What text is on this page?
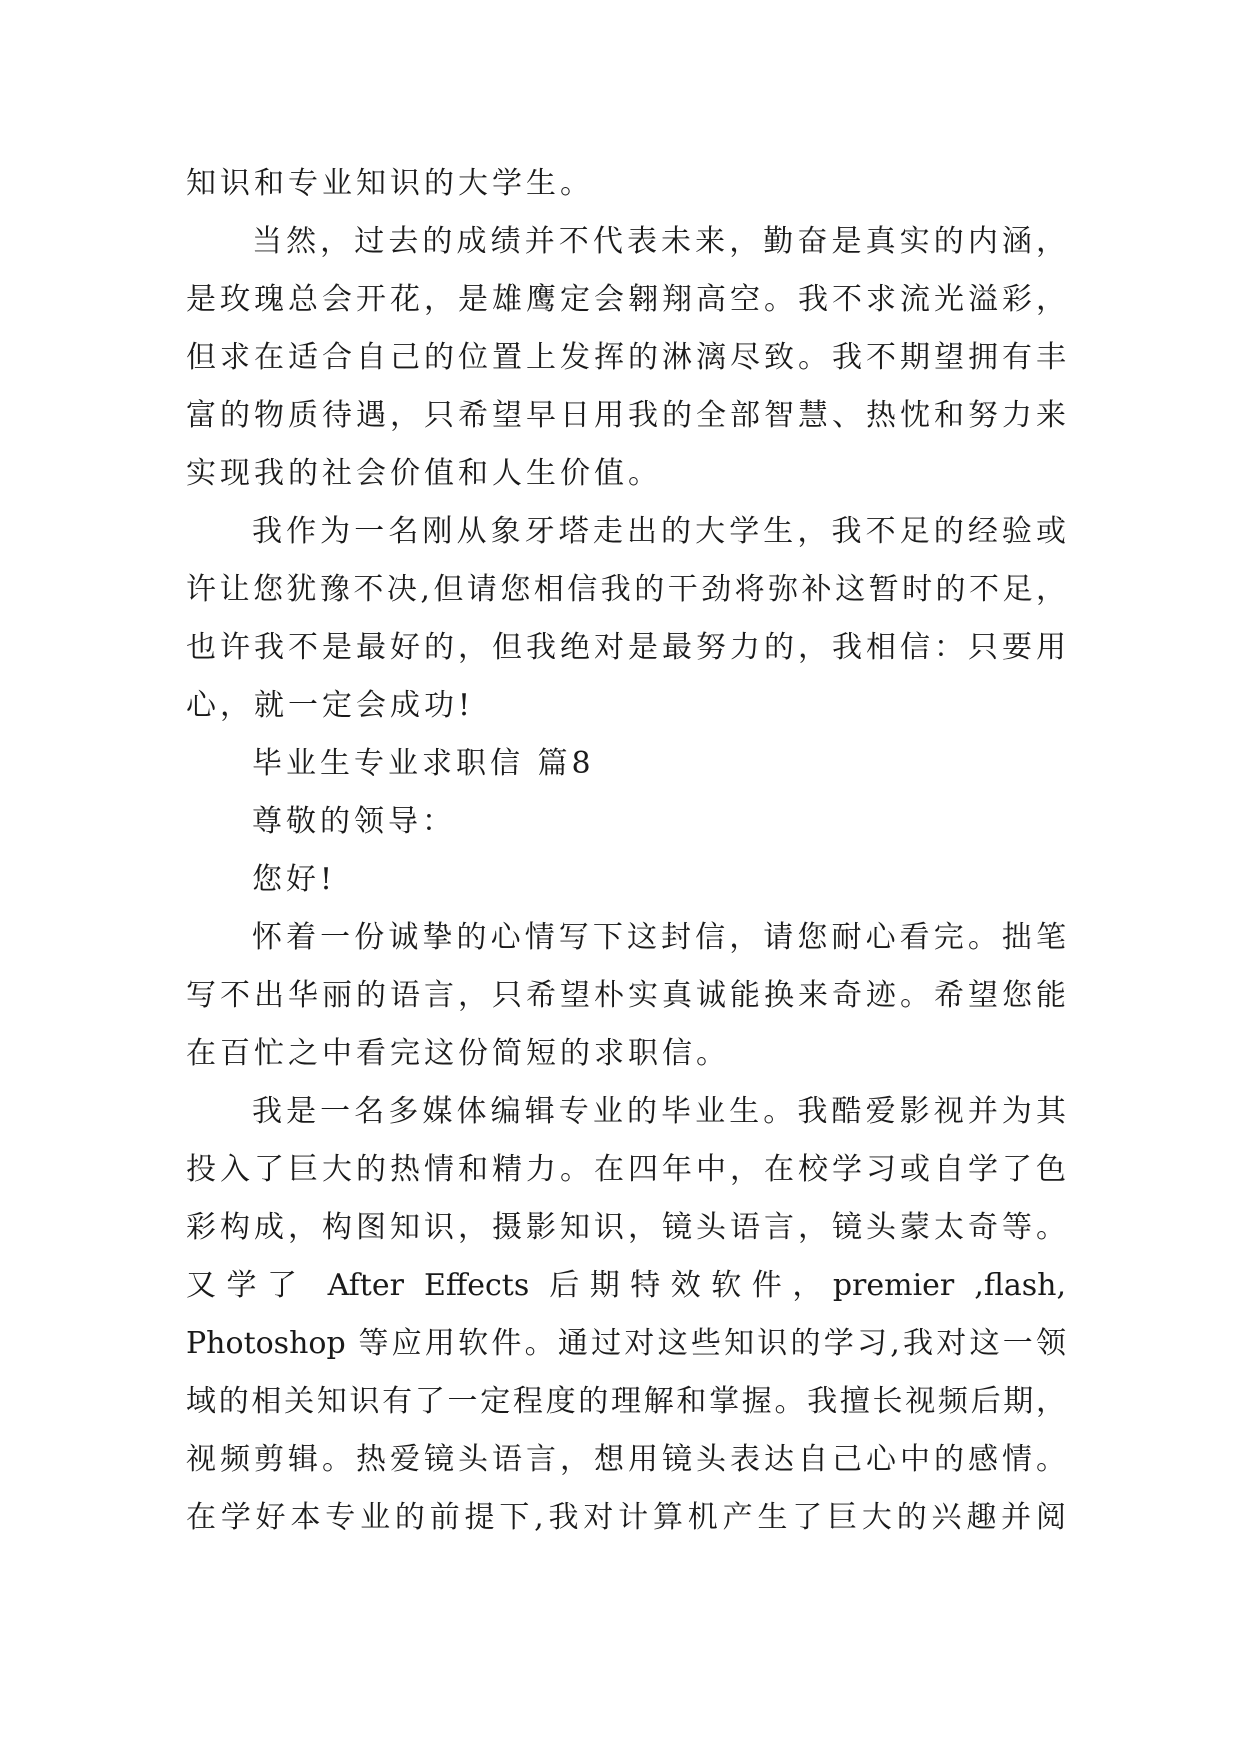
知识和专业知识的大学生。
当然，过去的成绩并不代表未来，勤奋是真实的内涵，
是玫瑰总会开花，是雄鹰定会翱翔高空。我不求流光溢彩，
但求在适合自己的位置上发挥的淋漓尽致。我不期望拥有丰
富的物质待遇，只希望早日用我的全部智慧、热忱和努力来
实现我的社会价值和人生价值。
我作为一名刚从象牙塔走出的大学生，我不足的经验或
许让您犹豫不决,但请您相信我的干劲将弥补这暂时的不足，
也许我不是最好的，但我绝对是最努力的，我相信：只要用
心，就一定会成功!
毕业生专业求职信 篇8
尊敬的领导：
您好!
怀着一份诚挚的心情写下这封信，请您耐心看完。拙笔
写不出华丽的语言，只希望朴实真诚能换来奇迹。希望您能
在百忙之中看完这份简短的求职信。
我是一名多媒体编辑专业的毕业生。我酷爱影视并为其
投入了巨大的热情和精力。在四年中，在校学习或自学了色
彩构成，构图知识，摄影知识，镜头语言，镜头蒙太奇等。
又学了 After Effects 后期特效软件，premier ,flash,
Photoshop 等应用软件。通过对这些知识的学习,我对这一领
域的相关知识有了一定程度的理解和掌握。我擅长视频后期，
视频剪辑。热爱镜头语言，想用镜头表达自己心中的感情。
在学好本专业的前提下,我对计算机产生了巨大的兴趣并阅
